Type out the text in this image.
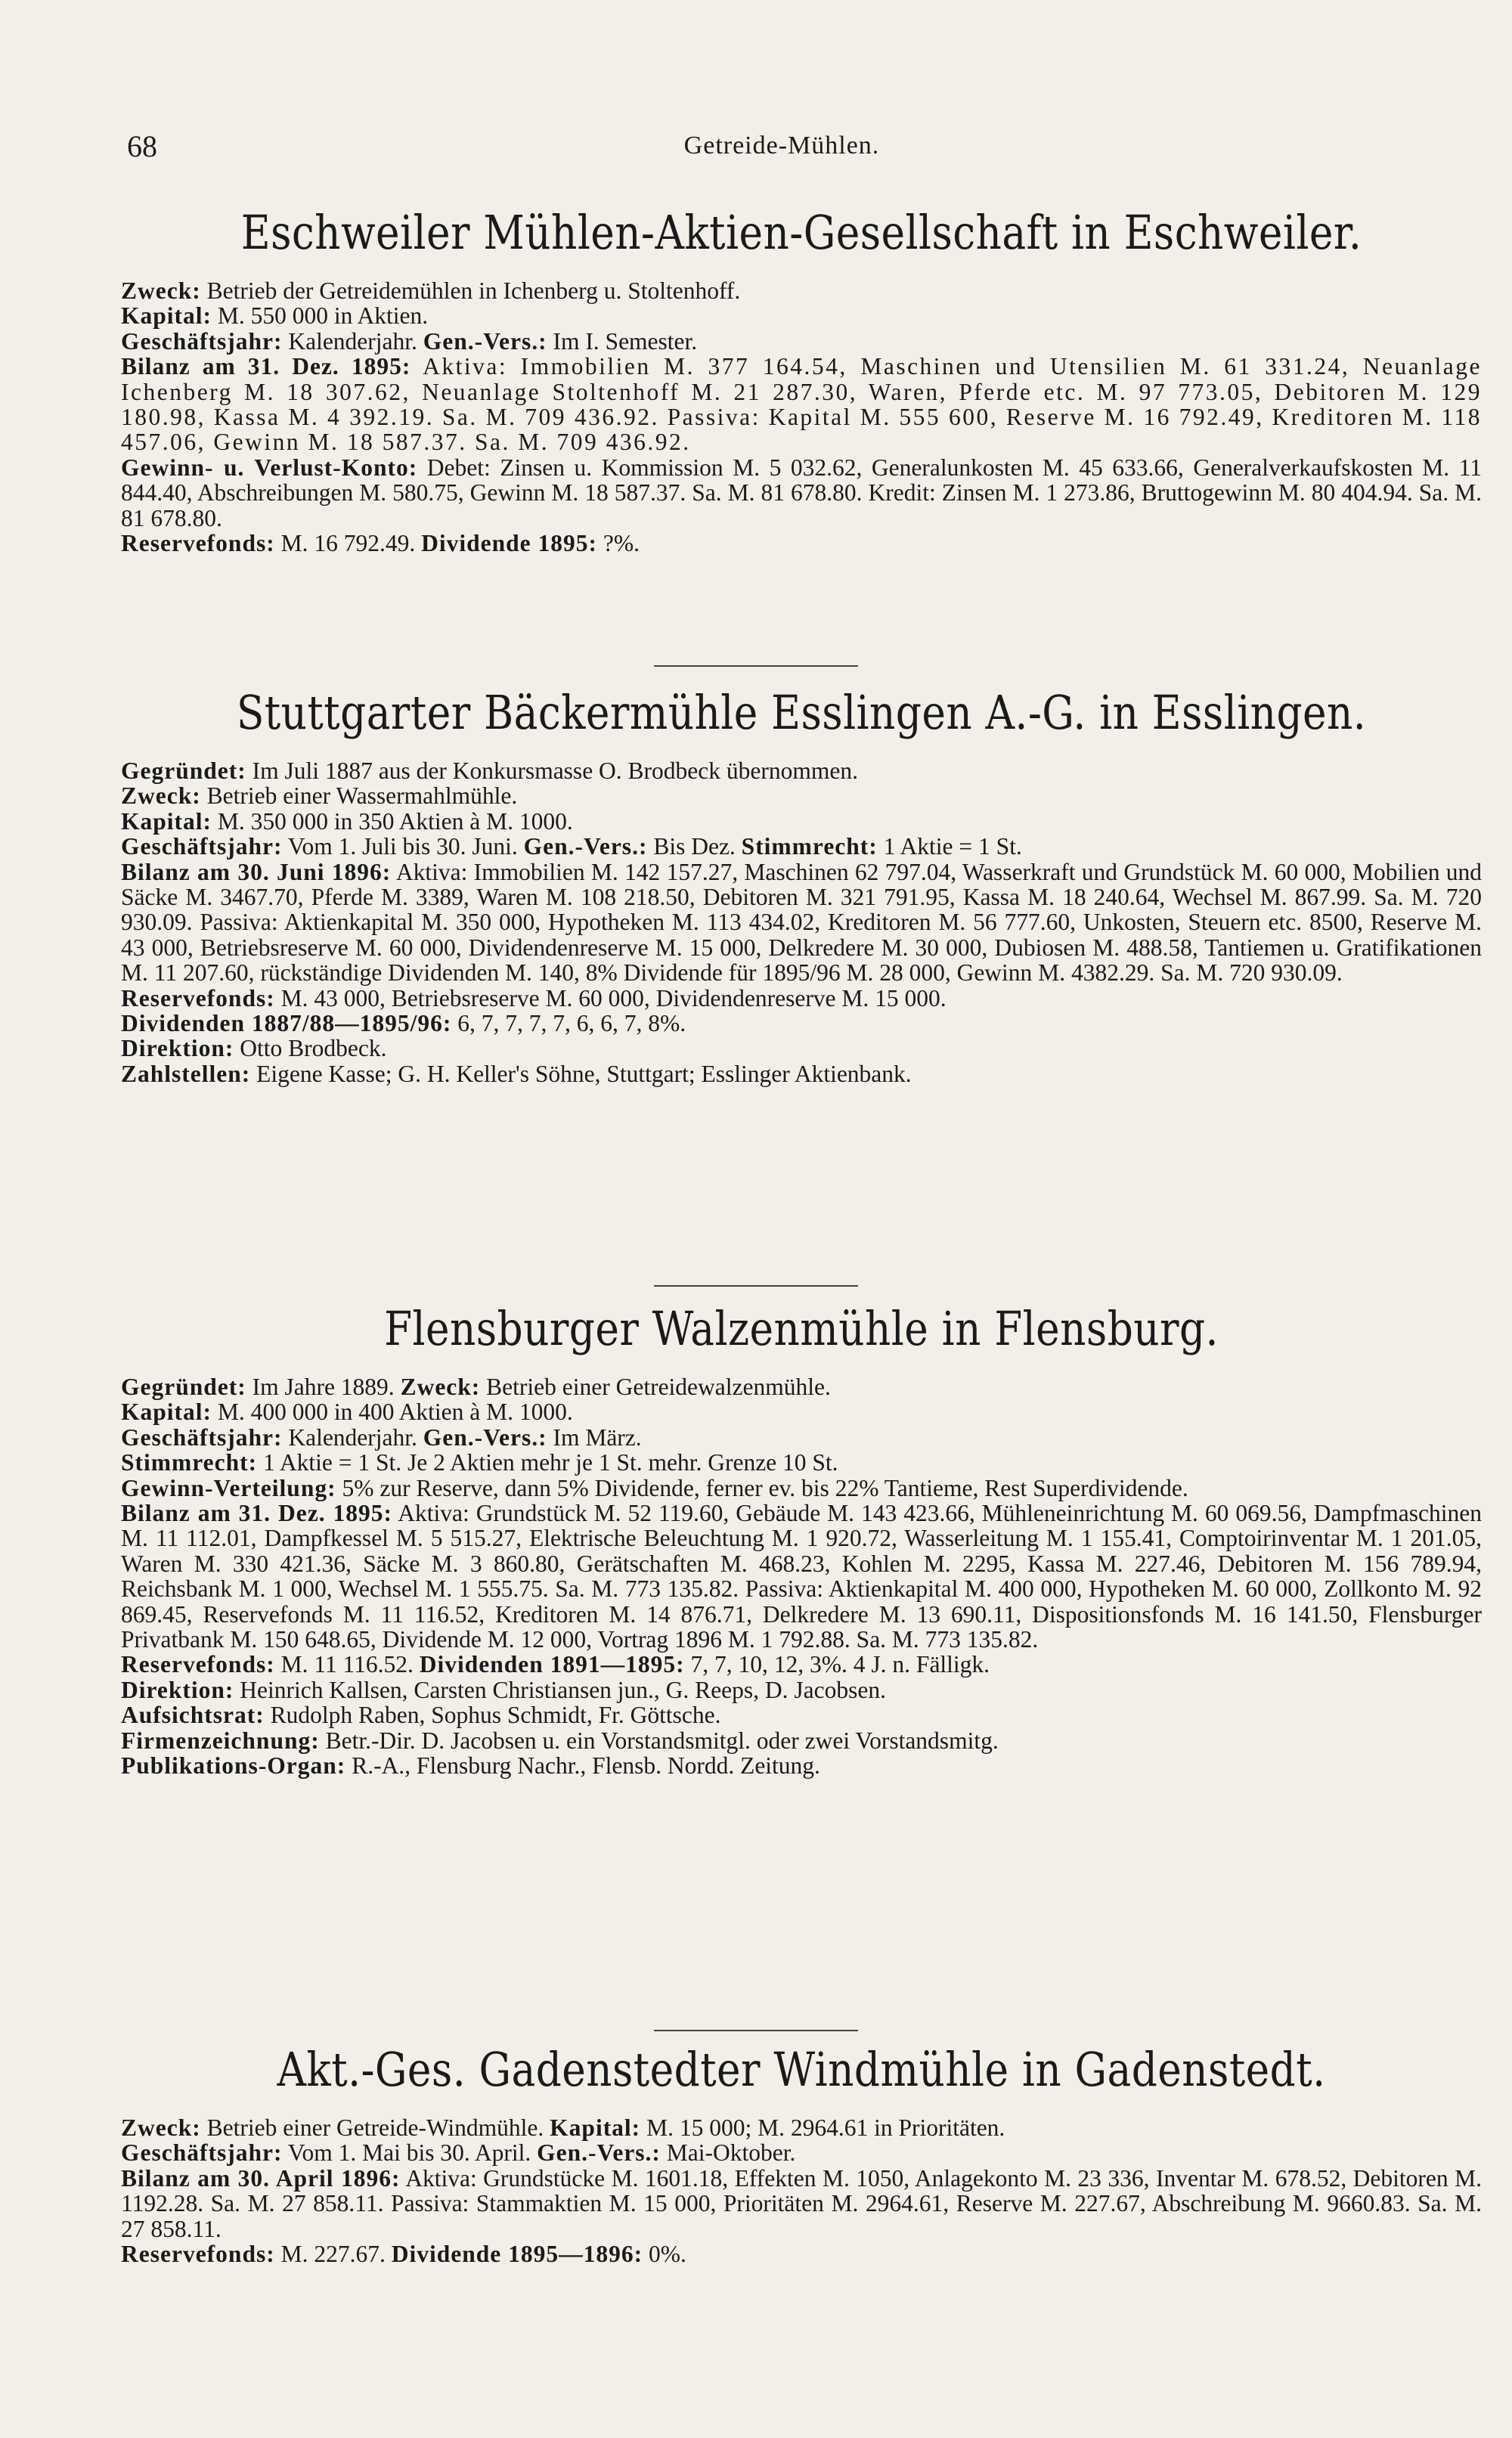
68	Getreide-Mühlen.
Eschweiler Mühlen-Aktien-Gesellschaft in Eschweiler.

Zweck: Betrieb der Getreidemühlen in Ichenberg u. Stoltenhoff.

Kapital: M. 550 000 in Aktien.

Geschäftsjahr: Kalenderjahr. Gen.-Vers.: Im I. Semester.

Bilanz am 31. Dez. 1895: Aktiva: Immobilien M. 377 164.54, Maschinen und Utensilien M. 61 331.24, Neuanlage Ichenberg M. 18 307.62, Neuanlage Stoltenhoff M. 21 287.30, Waren, Pferde etc. M. 97 773.05, Debitoren M. 129 180.98, Kassa M. 4 392.19. Sa. M. 709 436.92. Passiva: Kapital M. 555 600, Reserve M. 16 792.49, Kreditoren M. 118 457.06, Gewinn M. 18 587.37. Sa. M. 709 436.92.

Gewinn- u. Verlust-Konto: Debet: Zinsen u. Kommission M. 5 032.62, Generalunkosten M. 45 633.66, Generalverkaufskosten M. 11 844.40, Abschreibungen M. 580.75, Gewinn M. 18 587.37. Sa. M. 81 678.80. Kredit: Zinsen M. 1 273.86, Bruttogewinn M. 80 404.94. Sa. M. 81 678.80.

Reservefonds: M. 16 792.49. Dividende 1895: ?%.

Stuttgarter Bäckermühle Esslingen A.-G. in Esslingen.

Gegründet: Im Juli 1887 aus der Konkursmasse O. Brodbeck übernommen.

Zweck: Betrieb einer Wassermahlmühle.

Kapital: M. 350 000 in 350 Aktien à M. 1000.

Geschäftsjahr: Vom 1. Juli bis 30. Juni. Gen.-Vers.: Bis Dez. Stimmrecht: 1 Aktie = 1 St.

Bilanz am 30. Juni 1896: Aktiva: Immobilien M. 142 157.27, Maschinen 62 797.04, Wasserkraft und Grundstück M. 60 000, Mobilien und Säcke M. 3467.70, Pferde M. 3389, Waren M. 108 218.50, Debitoren M. 321 791.95, Kassa M. 18 240.64, Wechsel M. 867.99. Sa. M. 720 930.09. Passiva: Aktienkapital M. 350 000, Hypotheken M. 113 434.02, Kreditoren M. 56 777.60, Unkosten, Steuern etc. 8500, Reserve M. 43 000, Betriebsreserve M. 60 000, Dividendenreserve M. 15 000, Delkredere M. 30 000, Dubiosen M. 488.58, Tantiemen u. Gratifikationen M. 11 207.60, rückständige Dividenden M. 140, 8% Dividende für 1895/96 M. 28 000, Gewinn M. 4382.29. Sa. M. 720 930.09.

Reservefonds: M. 43 000, Betriebsreserve M. 60 000, Dividendenreserve M. 15 000.

Dividenden 1887/88—1895/96: 6, 7, 7, 7, 7, 6, 6, 7, 8%.

Direktion: Otto Brodbeck.

Zahlstellen: Eigene Kasse; G. H. Keller's Söhne, Stuttgart; Esslinger Aktienbank.

Flensburger Walzenmühle in Flensburg.

Gegründet: Im Jahre 1889. Zweck: Betrieb einer Getreidewalzenmühle.

Kapital: M. 400 000 in 400 Aktien à M. 1000.

Geschäftsjahr: Kalenderjahr. Gen.-Vers.: Im März.

Stimmrecht: 1 Aktie = 1 St. Je 2 Aktien mehr je 1 St. mehr. Grenze 10 St.

Gewinn-Verteilung: 5% zur Reserve, dann 5% Dividende, ferner ev. bis 22% Tantieme, Rest Superdividende.

Bilanz am 31. Dez. 1895: Aktiva: Grundstück M. 52 119.60, Gebäude M. 143 423.66, Mühleneinrichtung M. 60 069.56, Dampfmaschinen M. 11 112.01, Dampfkessel M. 5 515.27, Elektrische Beleuchtung M. 1 920.72, Wasserleitung M. 1 155.41, Comptoirinventar M. 1 201.05, Waren M. 330 421.36, Säcke M. 3 860.80, Gerätschaften M. 468.23, Kohlen M. 2295, Kassa M. 227.46, Debitoren M. 156 789.94, Reichsbank M. 1 000, Wechsel M. 1 555.75. Sa. M. 773 135.82. Passiva: Aktienkapital M. 400 000, Hypotheken M. 60 000, Zollkonto M. 92 869.45, Reservefonds M. 11 116.52, Kreditoren M. 14 876.71, Delkredere M. 13 690.11, Dispositionsfonds M. 16 141.50, Flensburger Privatbank M. 150 648.65, Dividende M. 12 000, Vortrag 1896 M. 1 792.88. Sa. M. 773 135.82.

Reservefonds: M. 11 116.52. Dividenden 1891—1895: 7, 7, 10, 12, 3%. 4 J. n. Fälligk.

Direktion: Heinrich Kallsen, Carsten Christiansen jun., G. Reeps, D. Jacobsen.

Aufsichtsrat: Rudolph Raben, Sophus Schmidt, Fr. Göttsche.

Firmenzeichnung: Betr.-Dir. D. Jacobsen u. ein Vorstandsmitgl. oder zwei Vorstandsmitg.

Publikations-Organ: R.-A., Flensburg Nachr., Flensb. Nordd. Zeitung.

Akt.-Ges. Gadenstedter Windmühle in Gadenstedt.

Zweck: Betrieb einer Getreide-Windmühle. Kapital: M. 15 000; M. 2964.61 in Prioritäten.

Geschäftsjahr: Vom 1. Mai bis 30. April. Gen.-Vers.: Mai-Oktober.

Bilanz am 30. April 1896: Aktiva: Grundstücke M. 1601.18, Effekten M. 1050, Anlagekonto M. 23 336, Inventar M. 678.52, Debitoren M. 1192.28. Sa. M. 27 858.11. Passiva: Stammaktien M. 15 000, Prioritäten M. 2964.61, Reserve M. 227.67, Abschreibung M. 9660.83. Sa. M. 27 858.11.

Reservefonds: M. 227.67. Dividende 1895—1896: 0%.
